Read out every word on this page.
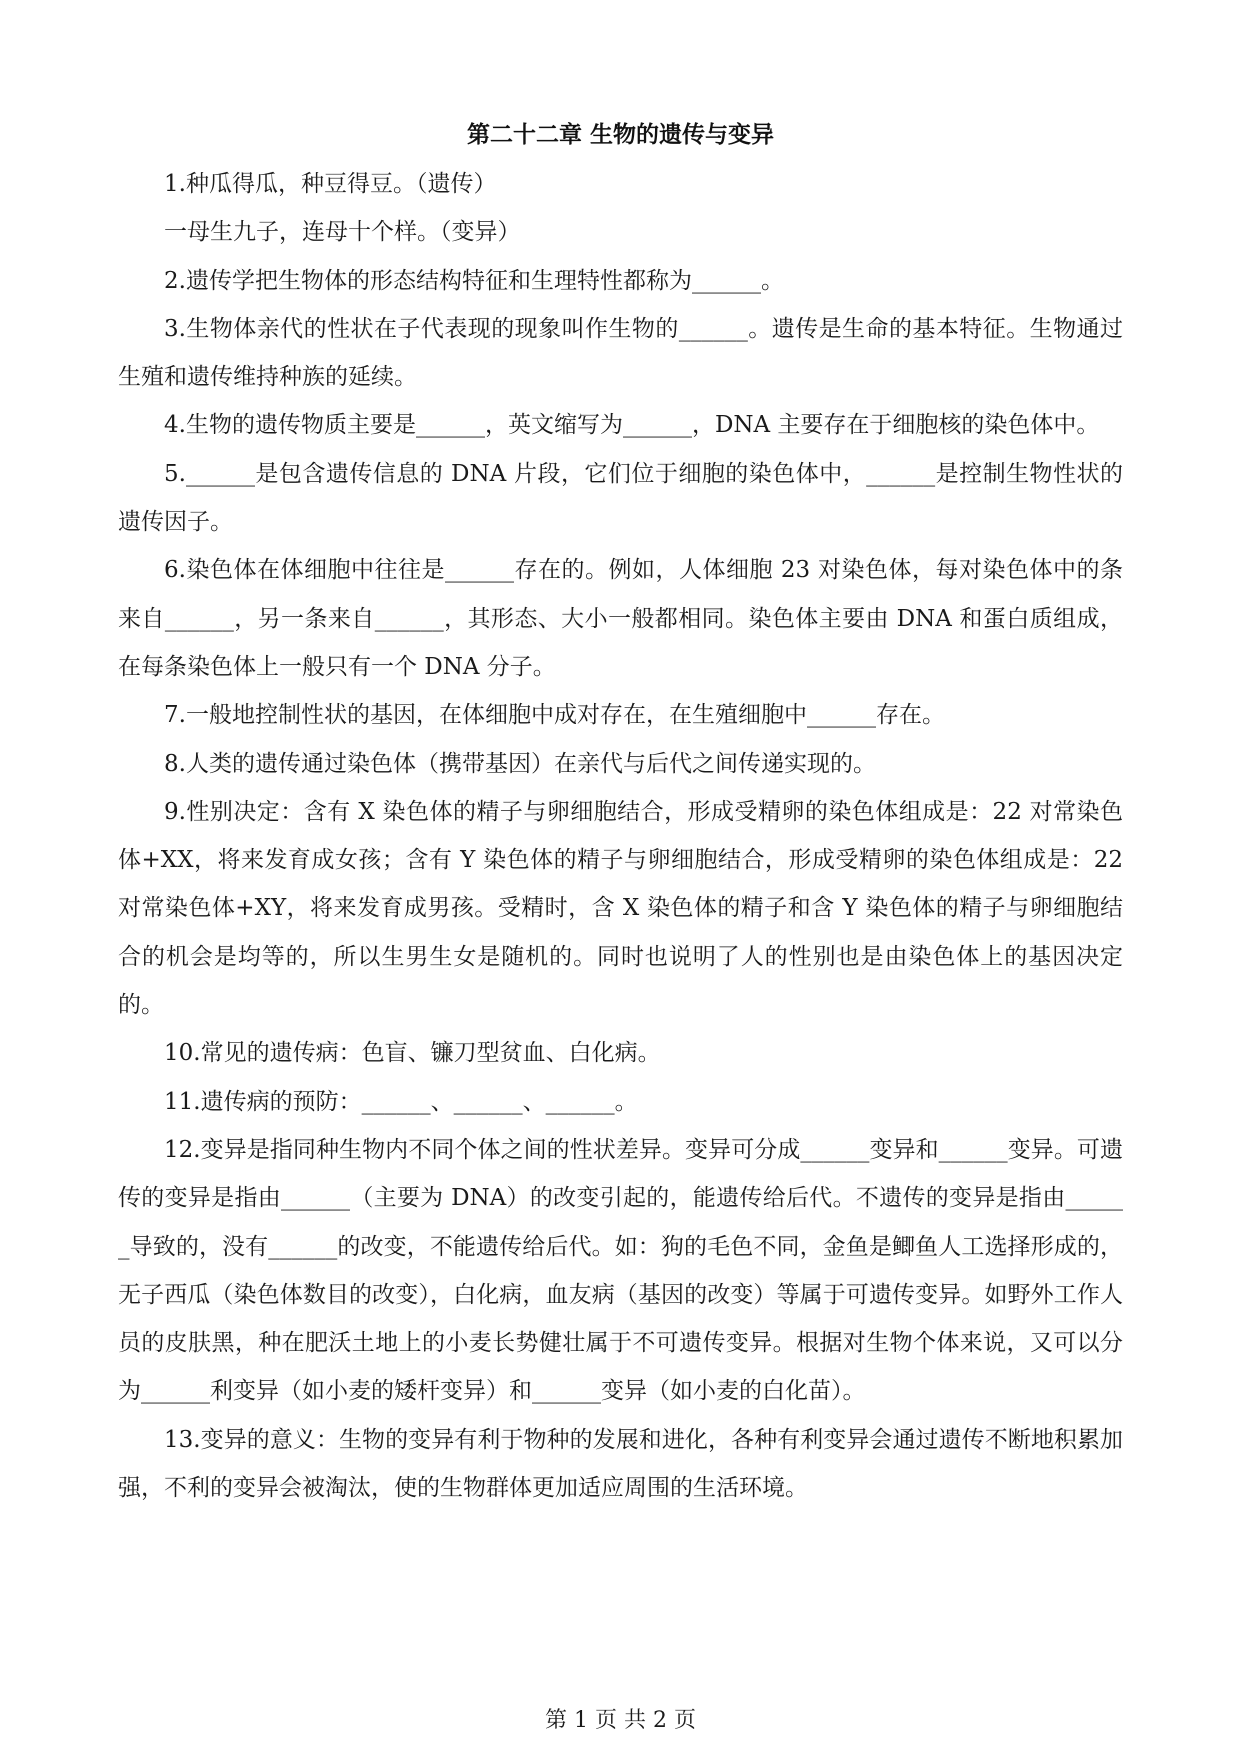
第二十二章 生物的遗传与变异

1.种瓜得瓜，种豆得豆。（遗传）

一母生九子，连母十个样。（变异）

2.遗传学把生物体的形态结构特征和生理特性都称为______。

3.生物体亲代的性状在子代表现的现象叫作生物的______。遗传是生命的基本特征。生物通过生殖和遗传维持种族的延续。

4.生物的遗传物质主要是______，英文缩写为______，DNA 主要存在于细胞核的染色体中。

5.______是包含遗传信息的 DNA 片段，它们位于细胞的染色体中，______是控制生物性状的遗传因子。

6.染色体在体细胞中往往是______存在的。例如，人体细胞 23 对染色体，每对染色体中的条来自______，另一条来自______，其形态、大小一般都相同。染色体主要由 DNA 和蛋白质组成，在每条染色体上一般只有一个 DNA 分子。

7.一般地控制性状的基因，在体细胞中成对存在，在生殖细胞中______存在。

8.人类的遗传通过染色体（携带基因）在亲代与后代之间传递实现的。

9.性别决定：含有 X 染色体的精子与卵细胞结合，形成受精卵的染色体组成是：22 对常染色体+XX，将来发育成女孩；含有 Y 染色体的精子与卵细胞结合，形成受精卵的染色体组成是：22 对常染色体+XY，将来发育成男孩。受精时，含 X 染色体的精子和含 Y 染色体的精子与卵细胞结合的机会是均等的，所以生男生女是随机的。同时也说明了人的性别也是由染色体上的基因决定的。

10.常见的遗传病：色盲、镰刀型贫血、白化病。

11.遗传病的预防：______、______、______。

12.变异是指同种生物内不同个体之间的性状差异。变异可分成______变异和______变异。可遗传的变异是指由______（主要为 DNA）的改变引起的，能遗传给后代。不遗传的变异是指由______导致的，没有______的改变，不能遗传给后代。如：狗的毛色不同，金鱼是鲫鱼人工选择形成的，无子西瓜（染色体数目的改变），白化病，血友病（基因的改变）等属于可遗传变异。如野外工作人员的皮肤黑，种在肥沃土地上的小麦长势健壮属于不可遗传变异。根据对生物个体来说，又可以分为______利变异（如小麦的矮杆变异）和______变异（如小麦的白化苗）。

13.变异的意义：生物的变异有利于物种的发展和进化，各种有利变异会通过遗传不断地积累加强，不利的变异会被淘汰，使的生物群体更加适应周围的生活环境。

第 1 页 共 2 页
